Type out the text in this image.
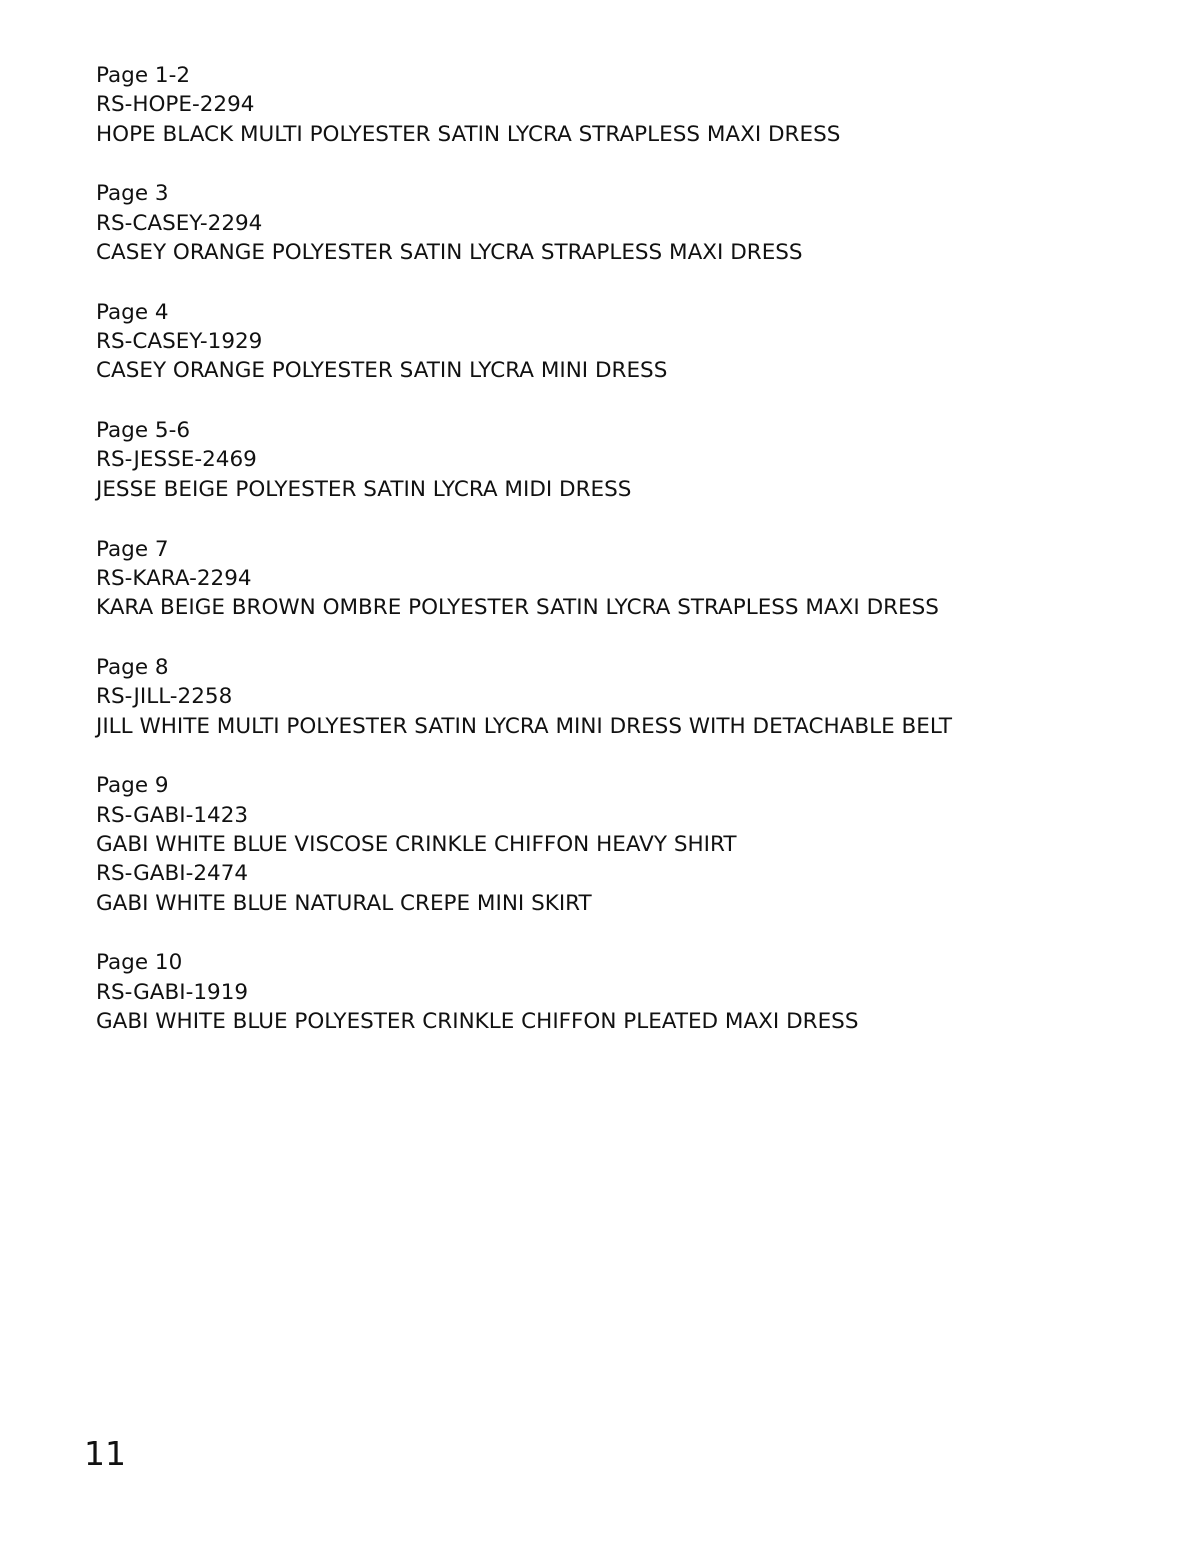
Page 1-2
RS-HOPE-2294
HOPE BLACK MULTI POLYESTER SATIN LYCRA STRAPLESS MAXI DRESS
Page 3
RS-CASEY-2294
CASEY ORANGE POLYESTER SATIN LYCRA STRAPLESS MAXI DRESS
Page 4
RS-CASEY-1929
CASEY ORANGE POLYESTER SATIN LYCRA MINI DRESS
Page 5-6
RS-JESSE-2469
JESSE BEIGE POLYESTER SATIN LYCRA MIDI DRESS
Page 7
RS-KARA-2294
KARA BEIGE BROWN OMBRE POLYESTER SATIN LYCRA STRAPLESS MAXI DRESS
Page 8
RS-JILL-2258
JILL WHITE MULTI POLYESTER SATIN LYCRA MINI DRESS WITH DETACHABLE BELT
Page 9
RS-GABI-1423
GABI WHITE BLUE VISCOSE CRINKLE CHIFFON HEAVY SHIRT
RS-GABI-2474
GABI WHITE BLUE NATURAL CREPE MINI SKIRT
Page 10
RS-GABI-1919
GABI WHITE BLUE POLYESTER CRINKLE CHIFFON PLEATED MAXI DRESS
11
